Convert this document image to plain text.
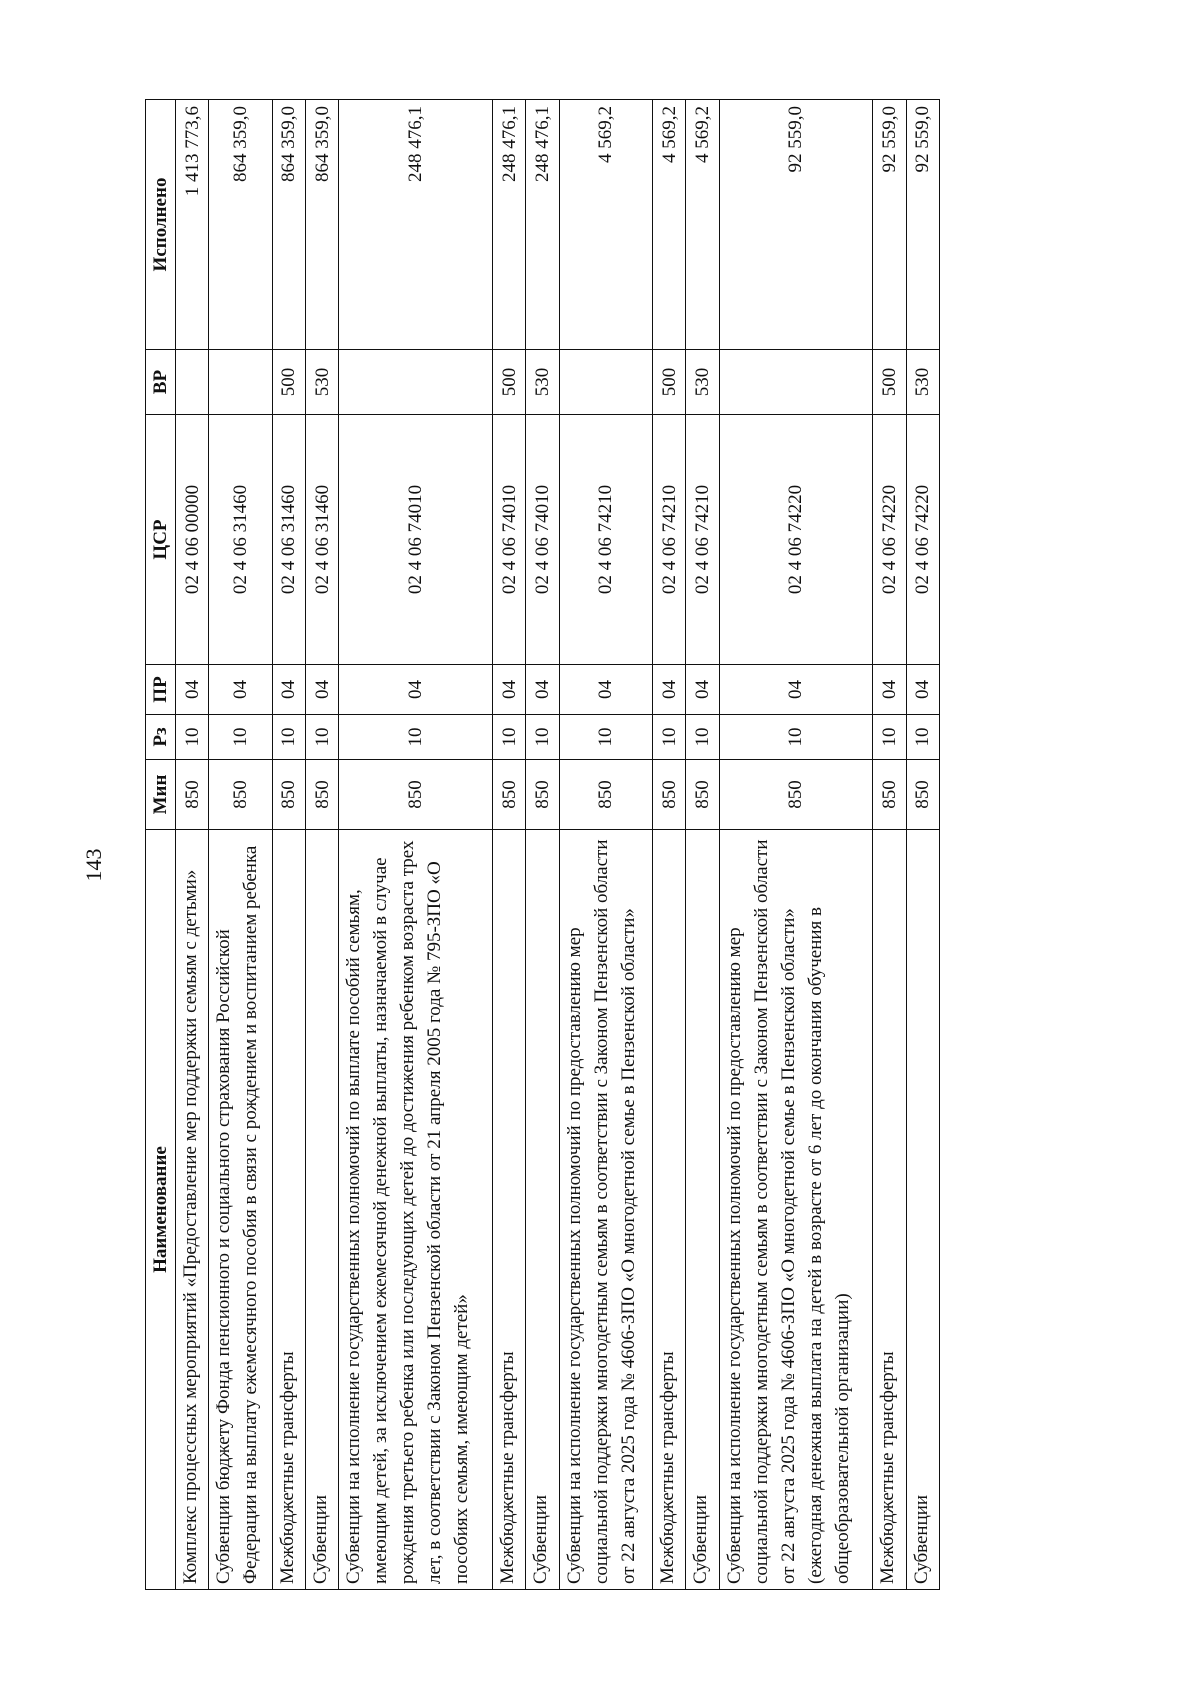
143
Наименование	Мин	Рз	ПР	ЦСР	ВР	Исполнено
Комплекс процессных мероприятий «Предоставление мер поддержки семьям с детьми»	850	10	04	02 4 06 00000		1 413 773,6
Субвенции бюджету Фонда пенсионного и социального страхования Российской Федерации на выплату ежемесячного пособия в связи с рождением и воспитанием ребенка	850	10	04	02 4 06 31460		864 359,0
Межбюджетные трансферты	850	10	04	02 4 06 31460	500	864 359,0
Субвенции	850	10	04	02 4 06 31460	530	864 359,0
Субвенции на исполнение государственных полномочий по выплате пособий семьям, имеющим детей, за исключением ежемесячной денежной выплаты, назначаемой в случае рождения третьего ребенка или последующих детей до достижения ребенком возраста трех лет, в соответствии с Законом Пензенской области от 21 апреля 2005 года № 795-ЗПО «О пособиях семьям, имеющим детей»	850	10	04	02 4 06 74010		248 476,1
Межбюджетные трансферты	850	10	04	02 4 06 74010	500	248 476,1
Субвенции	850	10	04	02 4 06 74010	530	248 476,1
Субвенции на исполнение государственных полномочий по предоставлению мер социальной поддержки многодетным семьям в соответствии с Законом Пензенской области от 22 августа 2025 года № 4606-ЗПО «О многодетной семье в Пензенской области»	850	10	04	02 4 06 74210		4 569,2
Межбюджетные трансферты	850	10	04	02 4 06 74210	500	4 569,2
Субвенции	850	10	04	02 4 06 74210	530	4 569,2
Субвенции на исполнение государственных полномочий по предоставлению мер социальной поддержки многодетным семьям в соответствии с Законом Пензенской области от 22 августа 2025 года № 4606-ЗПО «О многодетной семье в Пензенской области» (ежегодная денежная выплата на детей в возрасте от 6 лет до окончания обучения в общеобразовательной организации)	850	10	04	02 4 06 74220		92 559,0
Межбюджетные трансферты	850	10	04	02 4 06 74220	500	92 559,0
Субвенции	850	10	04	02 4 06 74220	530	92 559,0
